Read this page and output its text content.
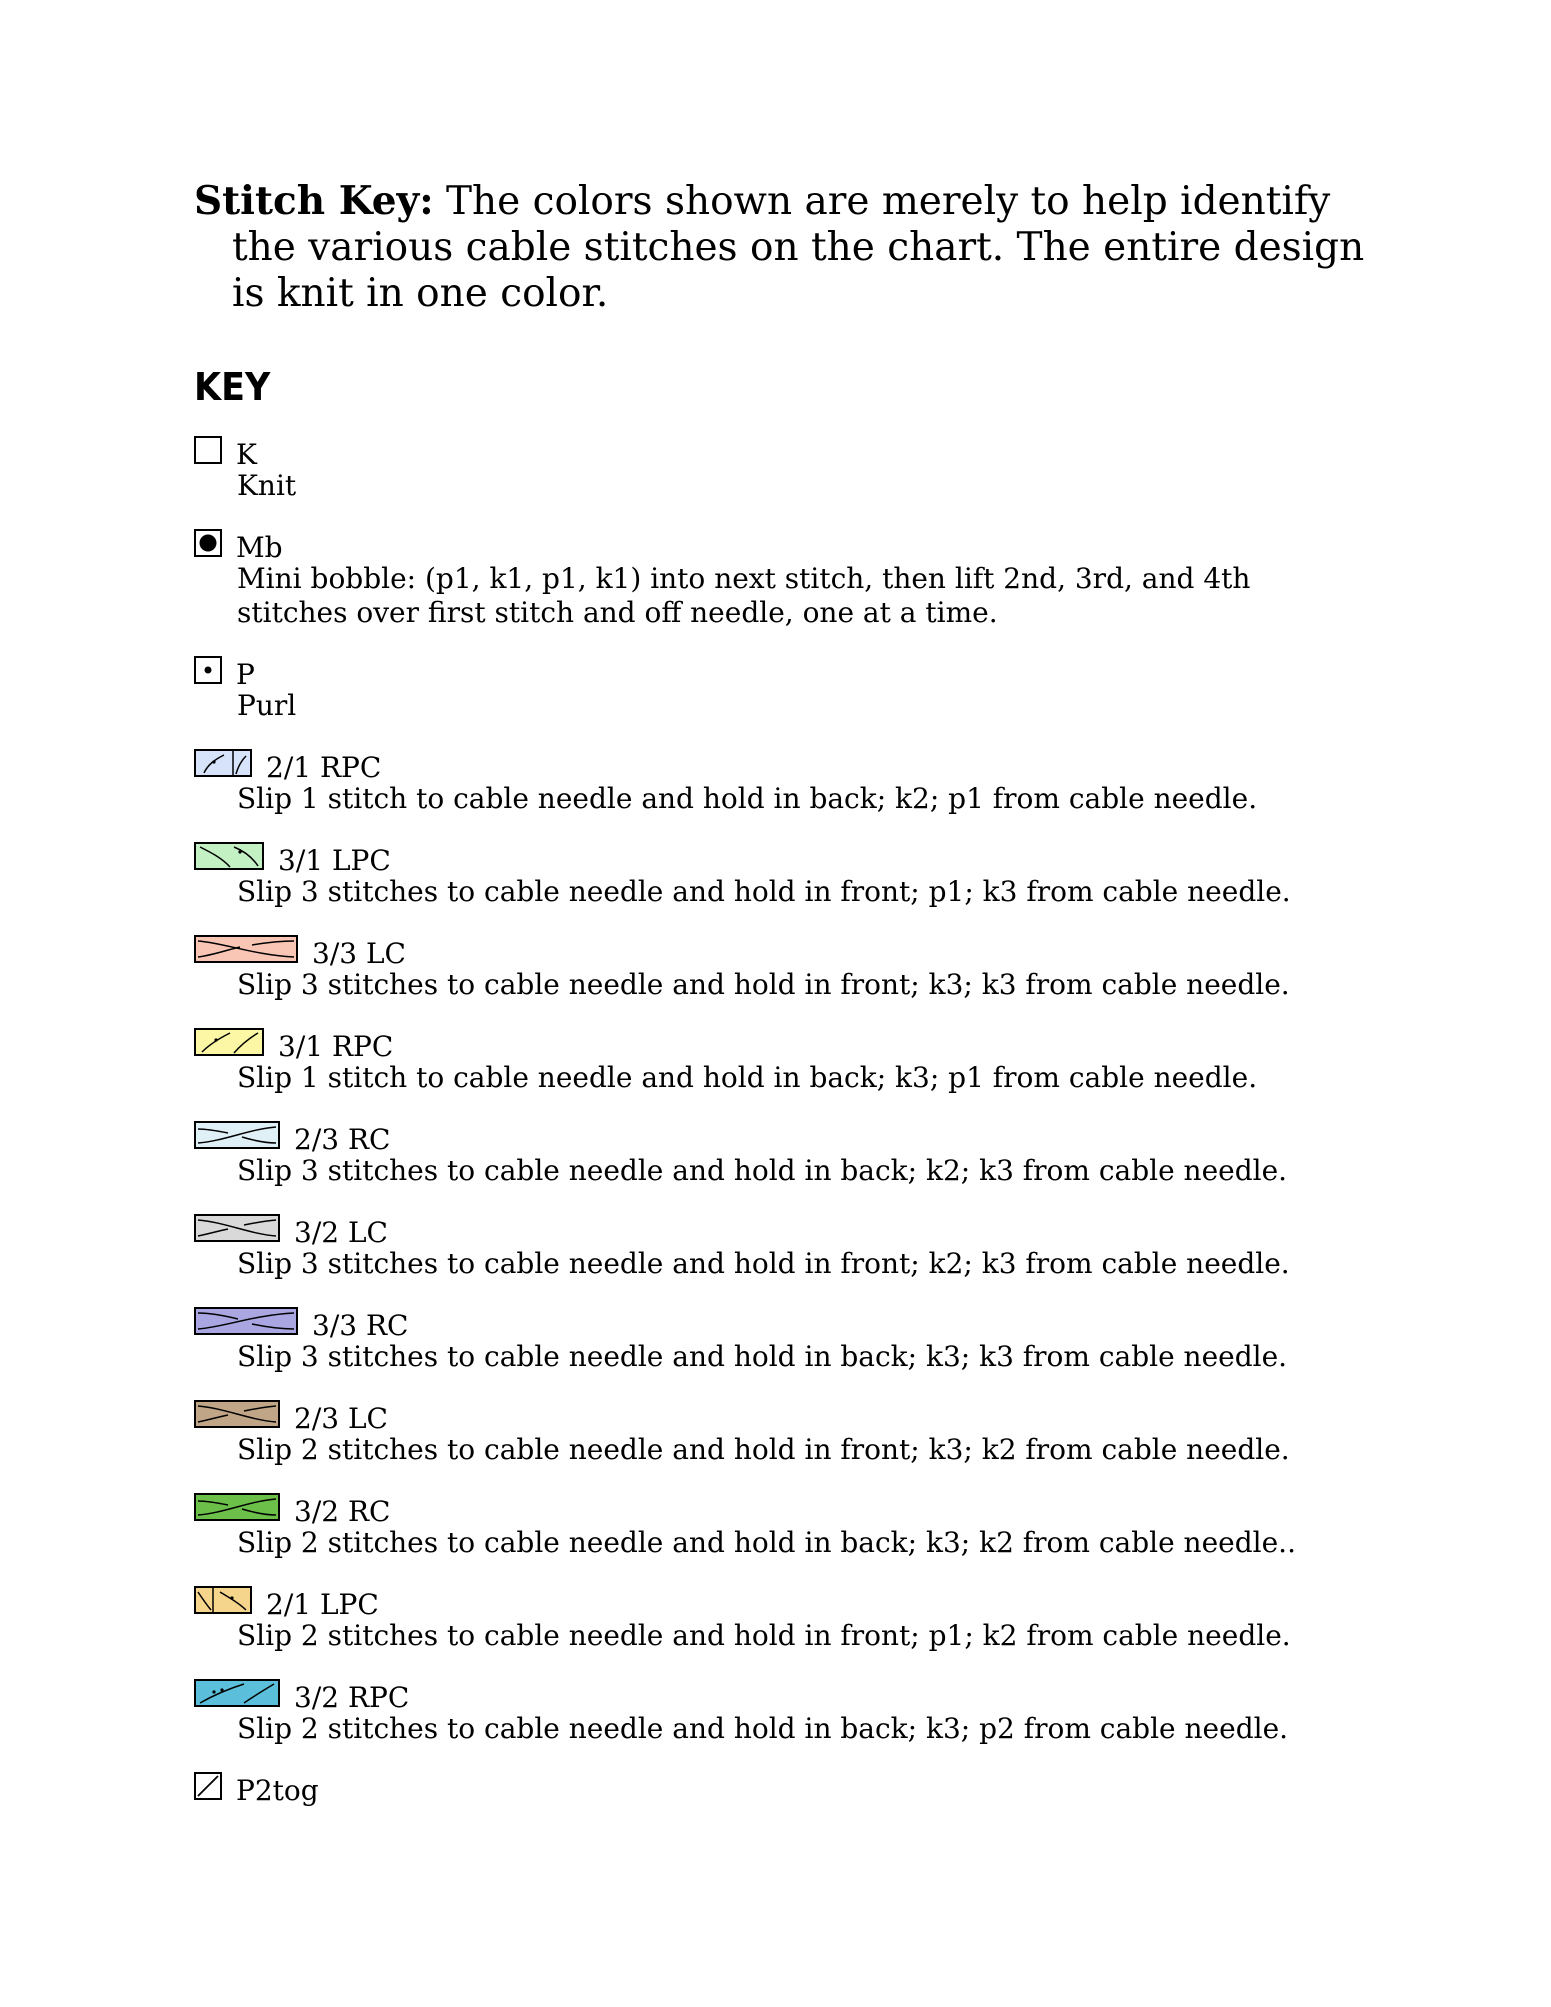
Stitch Key: The colors shown are merely to help identify the various cable stitches on the chart. The entire design is knit in one color.

KEY
K
Knit
Mb
Mini bobble: (p1, k1, p1, k1) into next stitch, then lift 2nd, 3rd, and 4th stitches over first stitch and off needle, one at a time.
P
Purl
2/1 RPC
Slip 1 stitch to cable needle and hold in back; k2; p1 from cable needle.
3/1 LPC
Slip 3 stitches to cable needle and hold in front; p1; k3 from cable needle.
3/3 LC
Slip 3 stitches to cable needle and hold in front; k3; k3 from cable needle.
3/1 RPC
Slip 1 stitch to cable needle and hold in back; k3; p1 from cable needle.
2/3 RC
Slip 3 stitches to cable needle and hold in back; k2; k3 from cable needle.
3/2 LC
Slip 3 stitches to cable needle and hold in front; k2; k3 from cable needle.
3/3 RC
Slip 3 stitches to cable needle and hold in back; k3; k3 from cable needle.
2/3 LC
Slip 2 stitches to cable needle and hold in front; k3; k2 from cable needle.
3/2 RC
Slip 2 stitches to cable needle and hold in back; k3; k2 from cable needle..
2/1 LPC
Slip 2 stitches to cable needle and hold in front; p1; k2 from cable needle.
3/2 RPC
Slip 2 stitches to cable needle and hold in back; k3; p2 from cable needle.
P2tog
